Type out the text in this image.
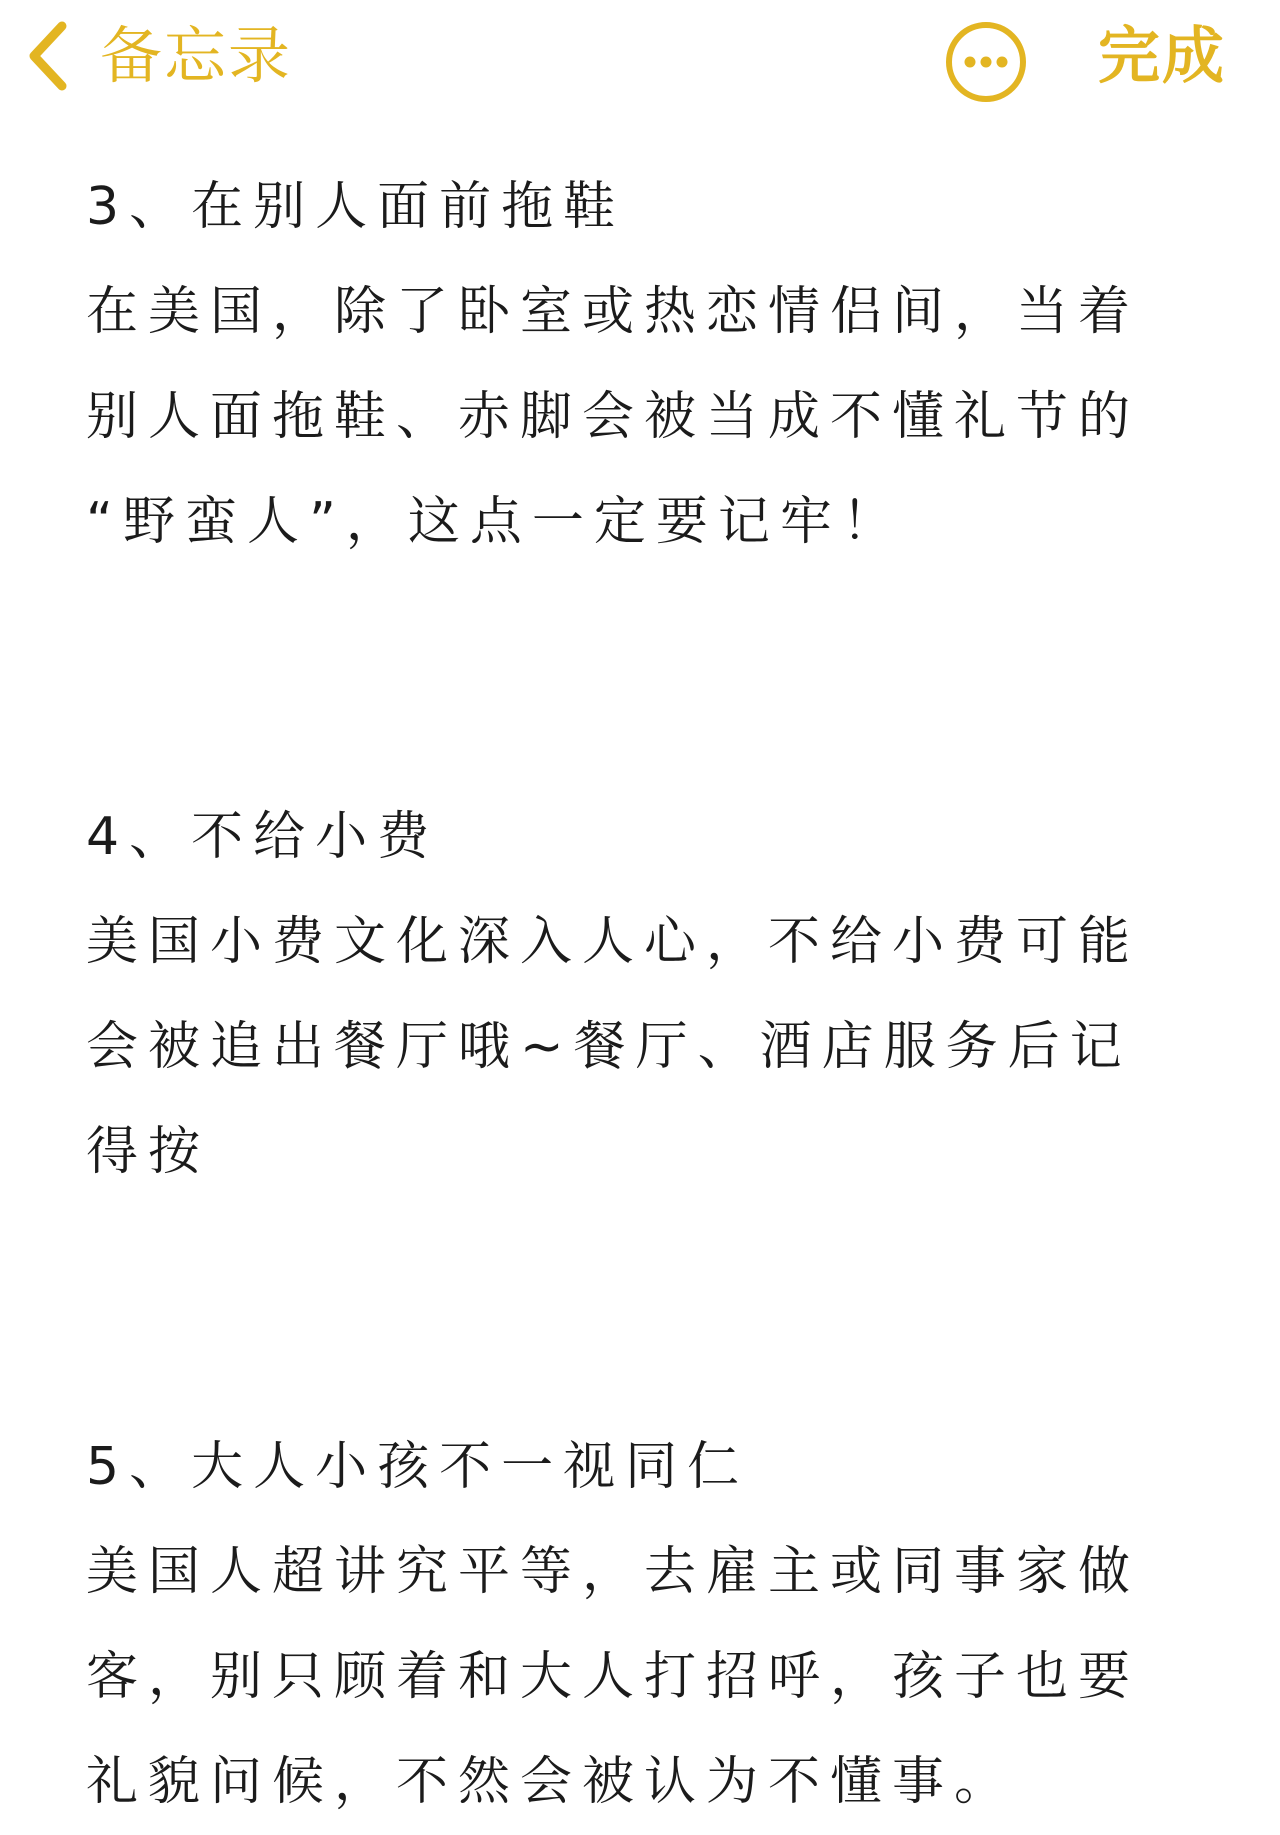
备忘录	完成
3、在别人面前拖鞋
在美国，除了卧室或热恋情侣间，当着
别人面拖鞋、赤脚会被当成不懂礼节的
“野蛮人”，这点一定要记牢！
4、不给小费
美国小费文化深入人心，不给小费可能
会被追出餐厅哦~餐厅、酒店服务后记
得按
5、大人小孩不一视同仁
美国人超讲究平等，去雇主或同事家做
客，别只顾着和大人打招呼，孩子也要
礼貌问候，不然会被认为不懂事。
